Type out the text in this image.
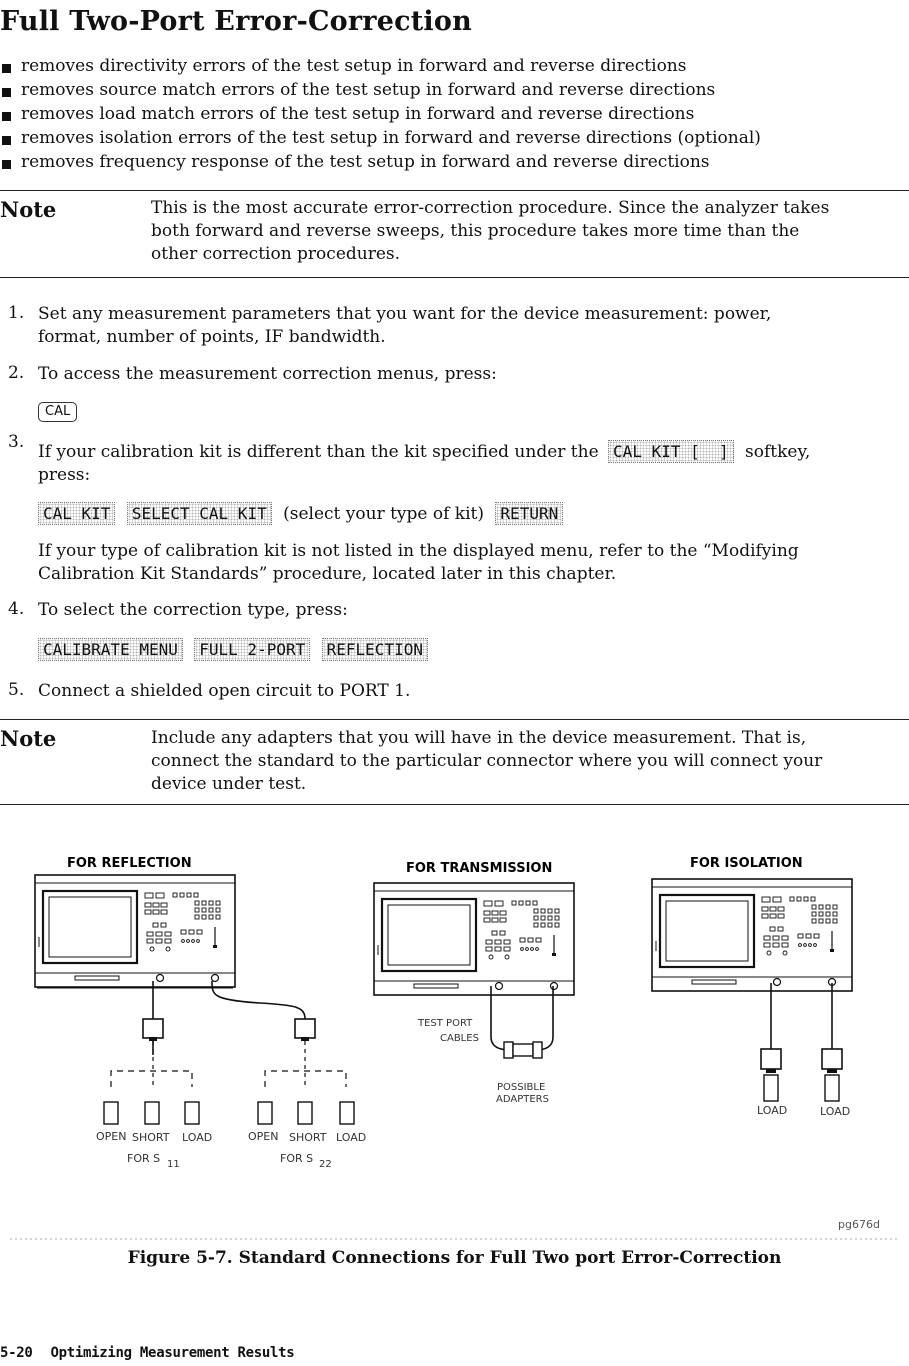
Full Two-Port Error-Correction
removes directivity errors of the test setup in forward and reverse directions
removes source match errors of the test setup in forward and reverse directions
removes load match errors of the test setup in forward and reverse directions
removes isolation errors of the test setup in forward and reverse directions (optional)
removes frequency response of the test setup in forward and reverse directions
Note	This is the most accurate error-correction procedure. Since the analyzer takes
both forward and reverse sweeps, this procedure takes more time than the
other correction procedures.
1. Set any measurement parameters that you want for the device measurement: power,
format, number of points, IF bandwidth.
2. To access the measurement correction menus, press:
CAL
3. If your calibration kit is different than the kit specified under the CAL KIT [  ] softkey,
press:
CAL KIT SELECT CAL KIT (select your type of kit) RETURN
If your type of calibration kit is not listed in the displayed menu, refer to the “Modifying
Calibration Kit Standards” procedure, located later in this chapter.
4. To select the correction type, press:
CALIBRATE MENU FULL 2-PORT REFLECTION
5. Connect a shielded open circuit to PORT 1.
Note	Include any adapters that you will have in the device measurement. That is,
connect the standard to the particular connector where you will connect your
device under test.
FOR REFLECTION
OPEN SHORT LOAD
FOR S 11
OPEN SHORT LOAD
FOR S 22
FOR TRANSMISSION
TEST PORT
CABLES
POSSIBLE
ADAPTERS
FOR ISOLATION
LOAD	LOAD
pg676d
Figure 5-7. Standard Connections for Full Two port Error-Correction
5-20 Optimizing Measurement Results
